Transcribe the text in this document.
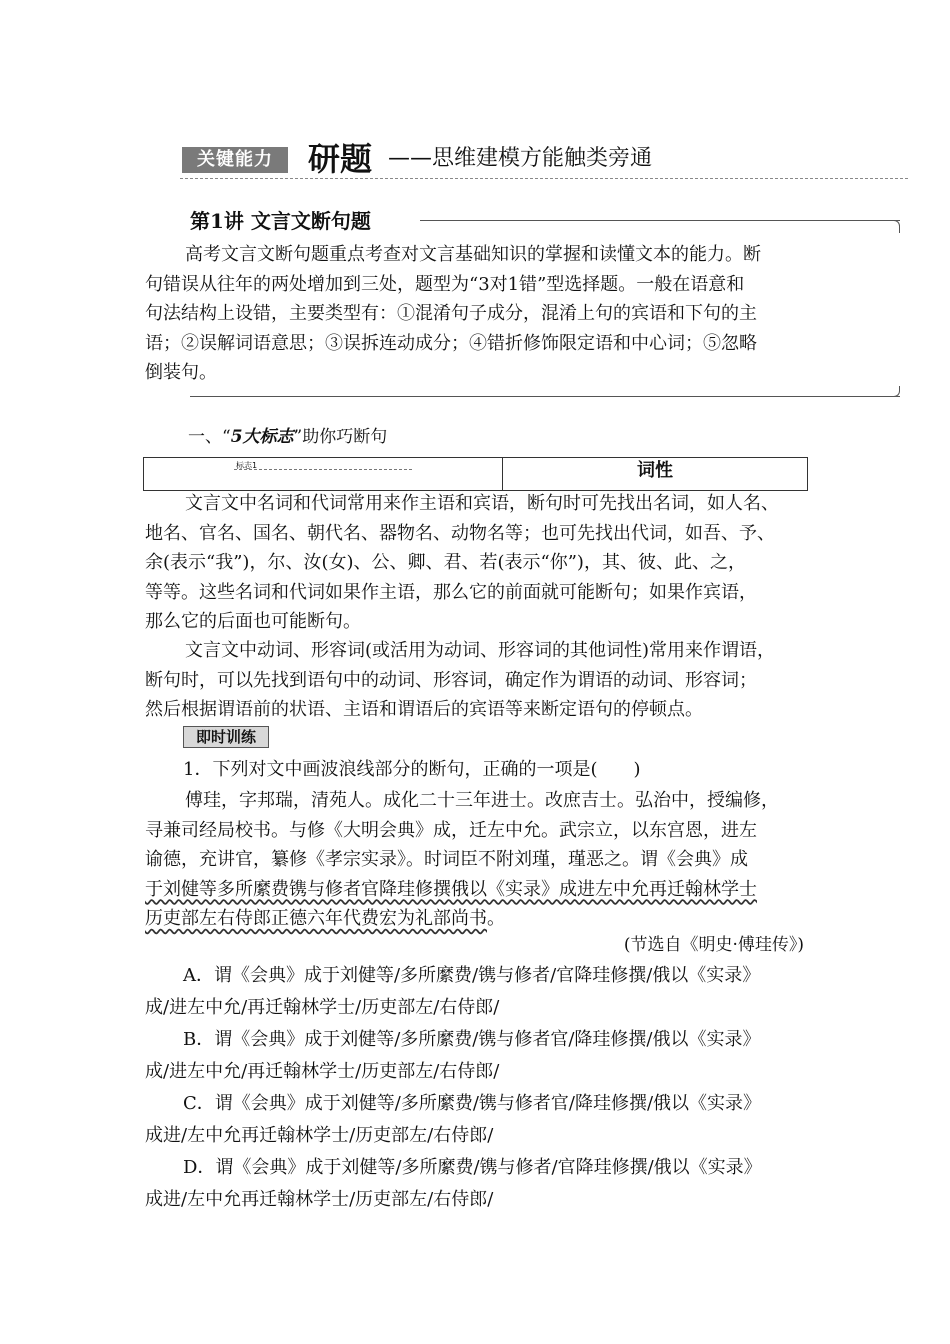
关键能力	研题 ——思维建模方能触类旁通
第1讲 文言文断句题
高考文言文断句题重点考查对文言基础知识的掌握和读懂文本的能力。断
句错误从往年的两处增加到三处，题型为“3对1错”型选择题。一般在语意和
句法结构上设错，主要类型有：①混淆句子成分，混淆上句的宾语和下句的主
语；②误解词语意思；③误拆连动成分；④错折修饰限定语和中心词；⑤忽略
倒装句。
一、“5大标志”助你巧断句
标志1	词性
文言文中名词和代词常用来作主语和宾语，断句时可先找出名词，如人名、
地名、官名、国名、朝代名、器物名、动物名等；也可先找出代词，如吾、予、
余(表示“我”)，尔、汝(女)、公、卿、君、若(表示“你”)，其、彼、此、之，
等等。这些名词和代词如果作主语，那么它的前面就可能断句；如果作宾语，
那么它的后面也可能断句。
文言文中动词、形容词(或活用为动词、形容词的其他词性)常用来作谓语，
断句时，可以先找到语句中的动词、形容词，确定作为谓语的动词、形容词；
然后根据谓语前的状语、主语和谓语后的宾语等来断定语句的停顿点。
即时训练
1．下列对文中画波浪线部分的断句，正确的一项是(　　)
傅珪，字邦瑞，清苑人。成化二十三年进士。改庶吉士。弘治中，授编修，
寻兼司经局校书。与修《大明会典》成，迁左中允。武宗立，以东宫恩，进左
谕德，充讲官，纂修《孝宗实录》。时词臣不附刘瑾，瑾恶之。谓《会典》成
于刘健等多所縻费镌与修者官降珪修撰俄以《实录》成进左中允再迁翰林学士
历吏部左右侍郎正德六年代费宏为礼部尚书。
(节选自《明史·傅珪传》)
A．谓《会典》成于刘健等/多所縻费/镌与修者/官降珪修撰/俄以《实录》
成/进左中允/再迁翰林学士/历吏部左/右侍郎/
B．谓《会典》成于刘健等/多所縻费/镌与修者官/降珪修撰/俄以《实录》
成/进左中允/再迁翰林学士/历吏部左/右侍郎/
C．谓《会典》成于刘健等/多所縻费/镌与修者官/降珪修撰/俄以《实录》
成进/左中允再迁翰林学士/历吏部左/右侍郎/
D．谓《会典》成于刘健等/多所縻费/镌与修者/官降珪修撰/俄以《实录》
成进/左中允再迁翰林学士/历吏部左/右侍郎/
